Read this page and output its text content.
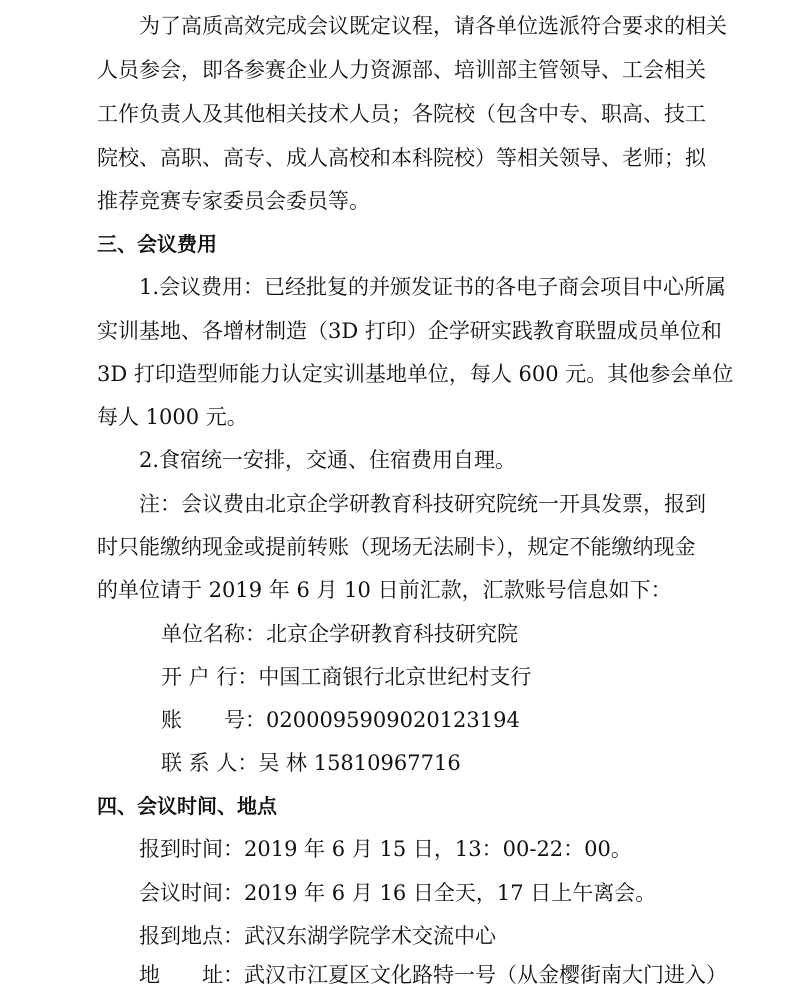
为了高质高效完成会议既定议程，请各单位选派符合要求的相关
人员参会，即各参赛企业人力资源部、培训部主管领导、工会相关
工作负责人及其他相关技术人员；各院校（包含中专、职高、技工
院校、高职、高专、成人高校和本科院校）等相关领导、老师；拟
推荐竞赛专家委员会委员等。
三、会议费用
1.会议费用：已经批复的并颁发证书的各电子商会项目中心所属
实训基地、各增材制造（3D 打印）企学研实践教育联盟成员单位和
3D 打印造型师能力认定实训基地单位，每人 600 元。其他参会单位
每人 1000 元。
2.食宿统一安排，交通、住宿费用自理。
注：会议费由北京企学研教育科技研究院统一开具发票，报到
时只能缴纳现金或提前转账（现场无法刷卡），规定不能缴纳现金
的单位请于 2019 年 6 月 10 日前汇款，汇款账号信息如下：
单位名称：北京企学研教育科技研究院
开 户 行：中国工商银行北京世纪村支行
账　　号：0200095909020123194
联 系 人：吴 林 15810967716
四、会议时间、地点
报到时间：2019 年 6 月 15 日，13：00-22：00。
会议时间：2019 年 6 月 16 日全天，17 日上午离会。
报到地点：武汉东湖学院学术交流中心
地　　址：武汉市江夏区文化路特一号（从金樱街南大门进入）
